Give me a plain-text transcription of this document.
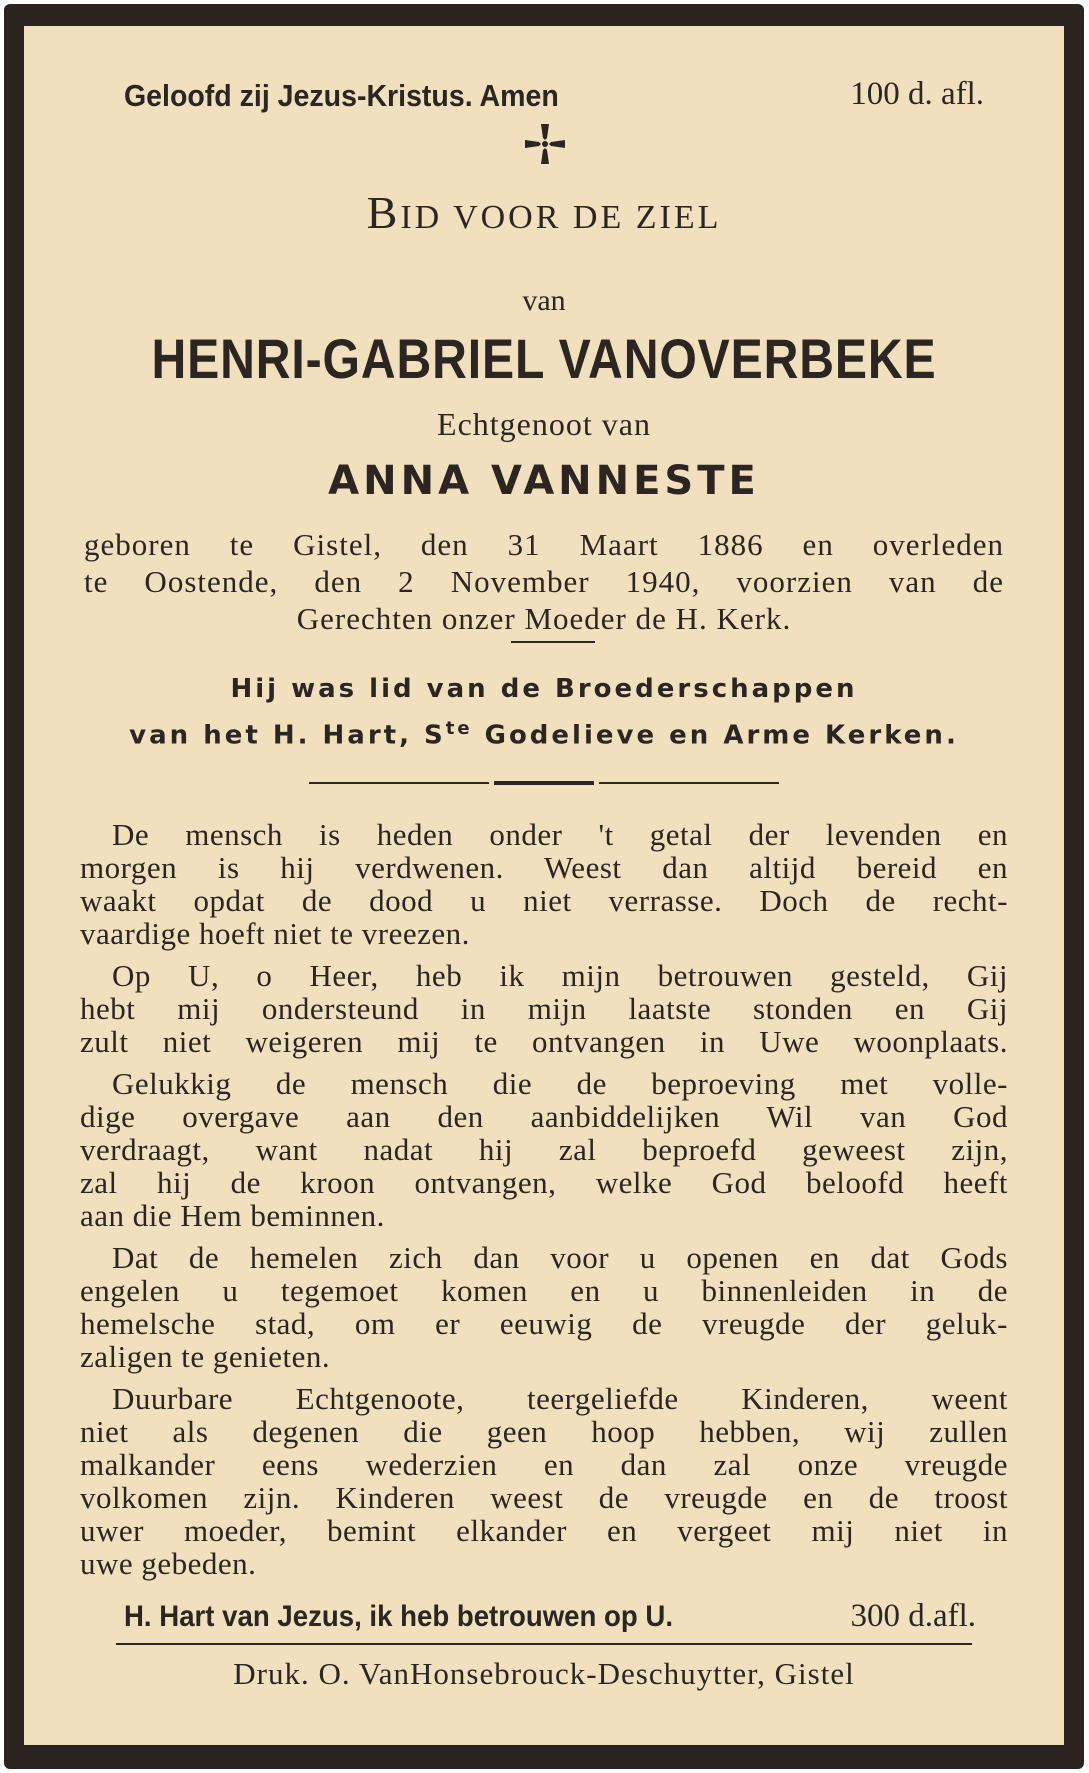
Geloofd zij Jezus-Kristus. Amen	100 d. afl.
BID VOOR DE ZIEL
van
HENRI-GABRIEL VANOVERBEKE
Echtgenoot van
ANNA VANNESTE
geboren te Gistel, den 31 Maart 1886 en overleden
te Oostende, den 2 November 1940, voorzien van de
Gerechten onzer Moeder de H. Kerk.
Hij was lid van de Broederschappen
van het H. Hart, $S^{te}$ Godelieve en Arme Kerken.
De mensch is heden onder 't getal der levenden en
morgen is hij verdwenen. Weest dan altijd bereid en
waakt opdat de dood u niet verrasse. Doch de recht-
vaardige hoeft niet te vreezen.
Op U, o Heer, heb ik mijn betrouwen gesteld, Gij
hebt mij ondersteund in mijn laatste stonden en Gij
zult niet weigeren mij te ontvangen in Uwe woonplaats.
Gelukkig de mensch die de beproeving met volle-
dige overgave aan den aanbiddelijken Wil van God
verdraagt, want nadat hij zal beproefd geweest zijn,
zal hij de kroon ontvangen, welke God beloofd heeft
aan die Hem beminnen.
Dat de hemelen zich dan voor u openen en dat Gods
engelen u tegemoet komen en u binnenleiden in de
hemelsche stad, om er eeuwig de vreugde der geluk-
zaligen te genieten.
Duurbare Echtgenoote, teergeliefde Kinderen, weent
niet als degenen die geen hoop hebben, wij zullen
malkander eens wederzien en dan zal onze vreugde
volkomen zijn. Kinderen weest de vreugde en de troost
uwer moeder, bemint elkander en vergeet mij niet in
uwe gebeden.
H. Hart van Jezus, ik heb betrouwen op U.	300 d.afl.
Druk. O. VanHonsebrouck-Deschuytter, Gistel
